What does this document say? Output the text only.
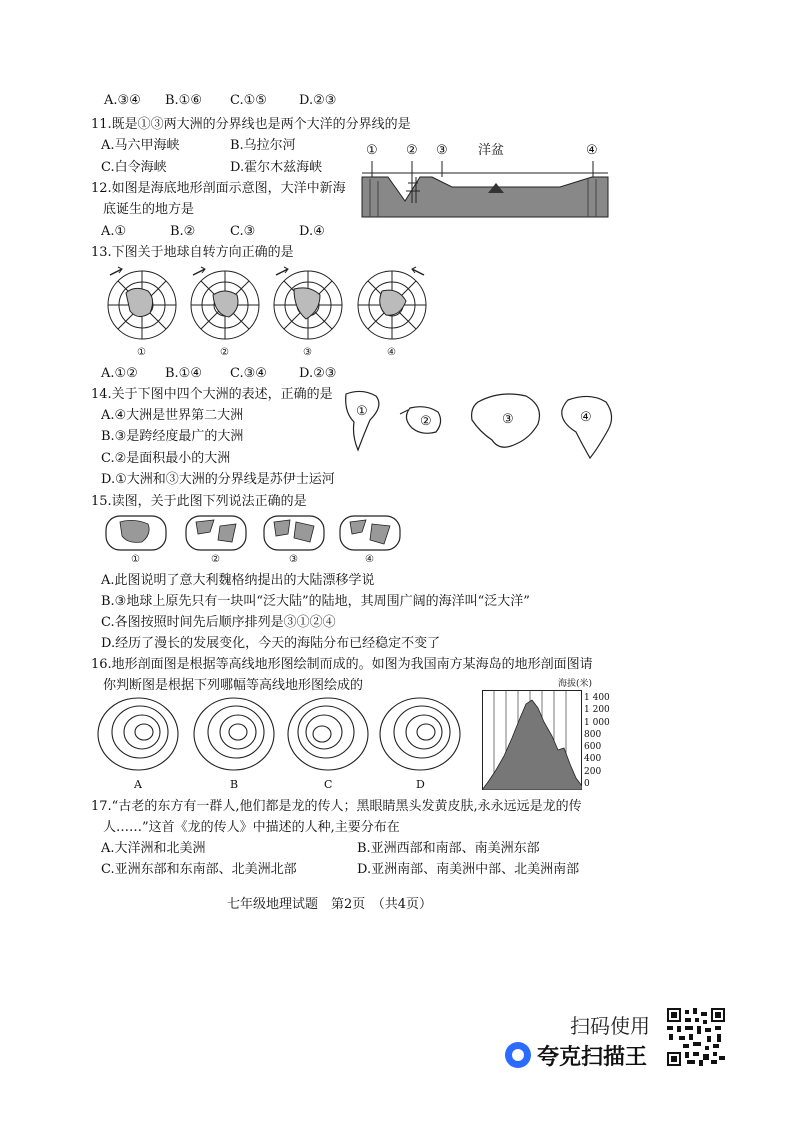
A.③④ B.①⑥ C.①⑤ D.②③
11.既是①③两大洲的分界线也是两个大洋的分界线的是
A.马六甲海峡	B.乌拉尔河
C.白令海峡	D.霍尔木兹海峡
12.如图是海底地形剖面示意图，大洋中新海
底诞生的地方是
A.①	B.②	C.③	D.④
① ② ③ 洋盆	④
13.下图关于地球自转方向正确的是
①	②	③	④
A.①② B.①④ C.③④ D.②③
14.关于下图中四个大洲的表述，正确的是
A.④大洲是世界第二大洲
B.③是跨经度最广的大洲
C.②是面积最小的大洲
D.①大洲和③大洲的分界线是苏伊士运河
①
②	③	④
15.读图，关于此图下列说法正确的是
①	②	③	④
A.此图说明了意大利魏格纳提出的大陆漂移学说
B.③地球上原先只有一块叫“泛大陆”的陆地，其周围广阔的海洋叫“泛大洋”
C.各图按照时间先后顺序排列是③①②④
D.经历了漫长的发展变化，今天的海陆分布已经稳定不变了
16.地形剖面图是根据等高线地形图绘制而成的。如图为我国南方某海岛的地形剖面图请
你判断图是根据下列哪幅等高线地形图绘成的
A	B	C	D
海拔(米)
1 400
1 200
1 000
800
600
400
200
0
17.“古老的东方有一群人,他们都是龙的传人；黑眼睛黑头发黄皮肤,永永远远是龙的传
人……”这首《龙的传人》中描述的人种,主要分布在
A.大洋洲和北美洲	B.亚洲西部和南部、南美洲东部
C.亚洲东部和东南部、北美洲北部	D.亚洲南部、南美洲中部、北美洲南部
七年级地理试题　第2页　（共4页）
扫码使用
夸克扫描王
